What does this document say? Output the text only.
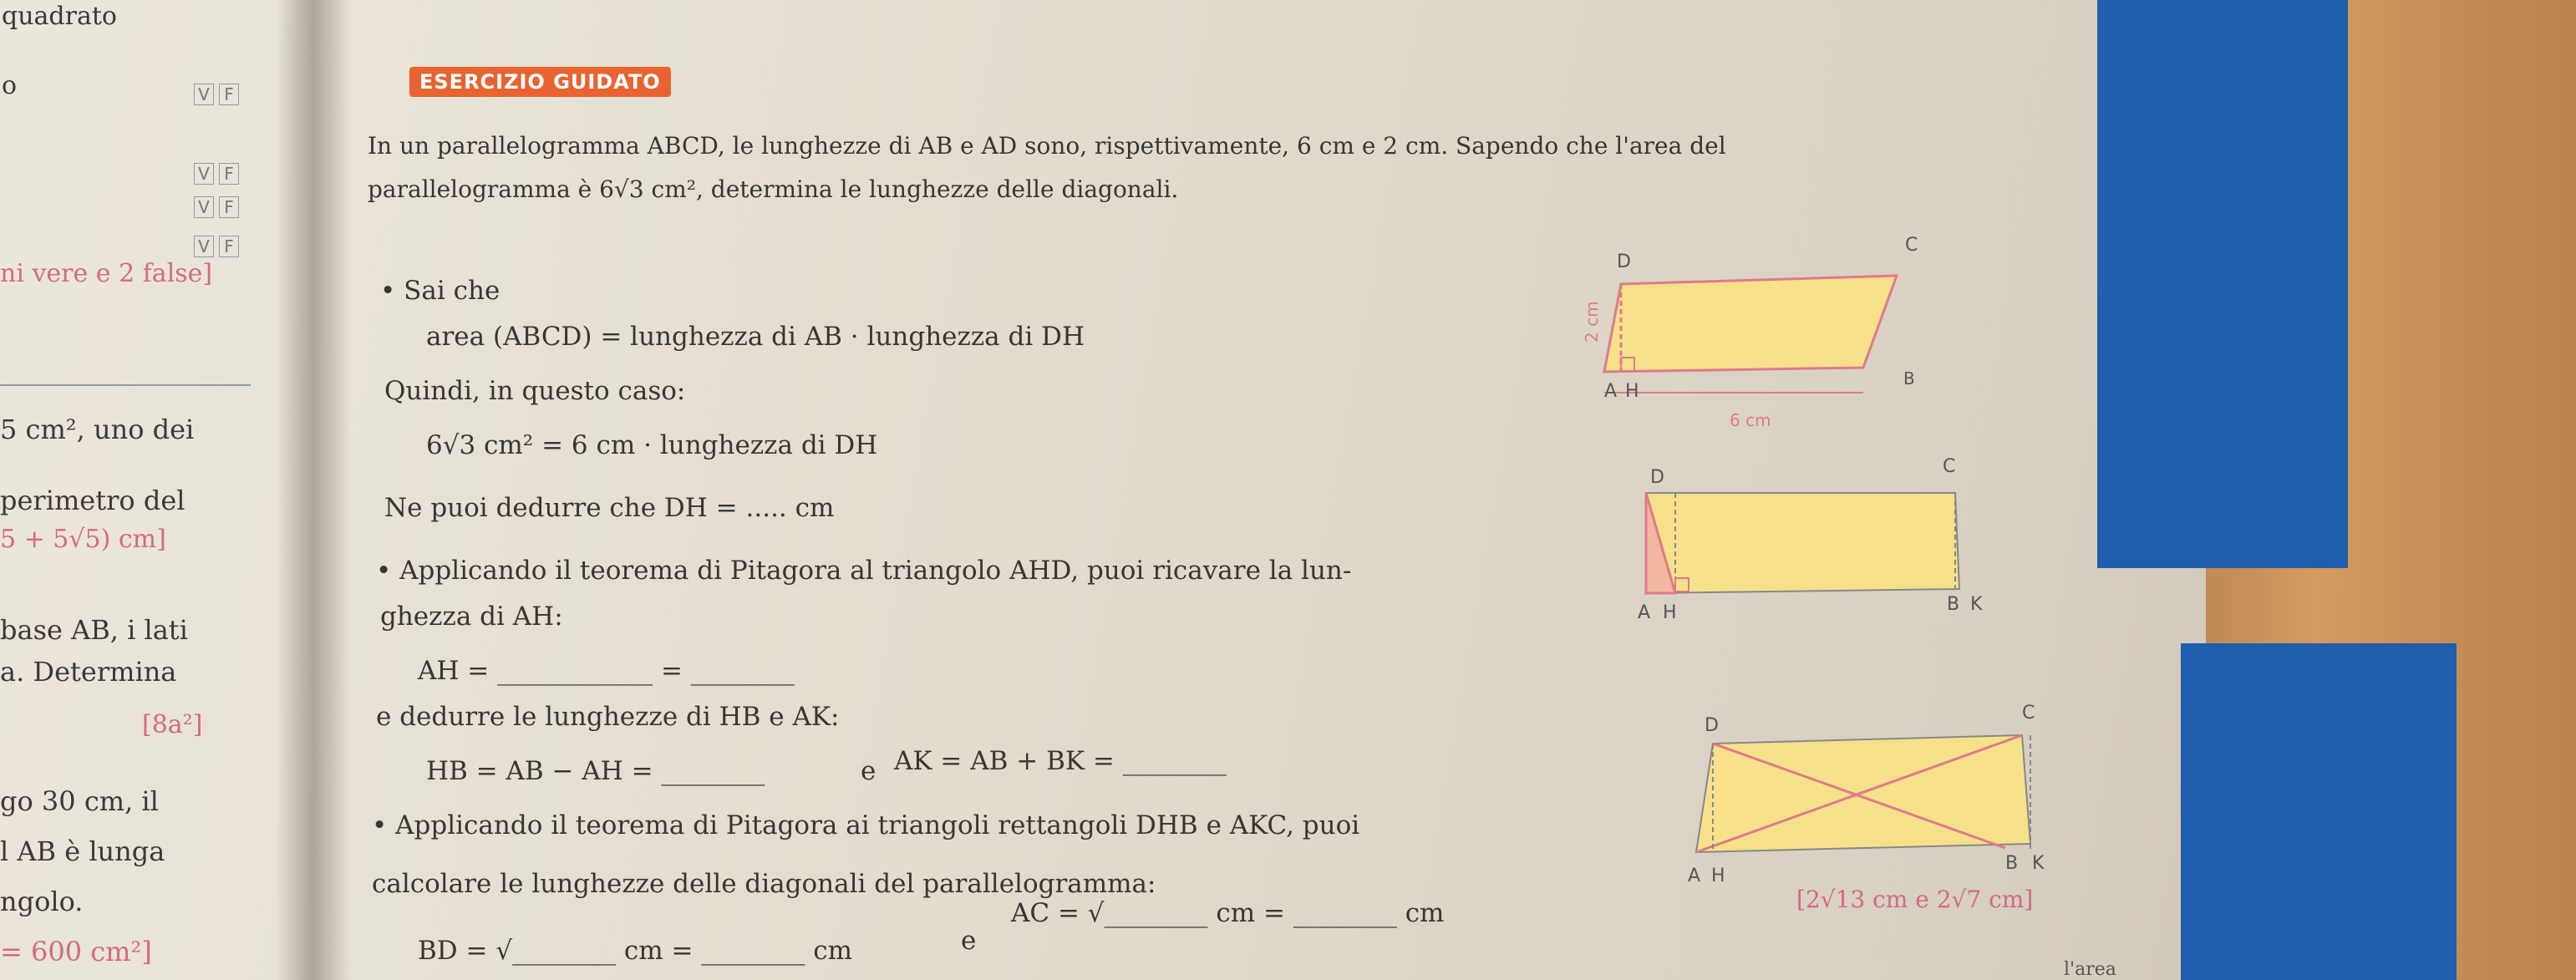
quadrato
o
ni vere e 2 false]
5 cm², uno dei
perimetro del
5 + 5√5) cm]
base AB, i lati
a. Determina
[8a²]
go 30 cm, il
l AB è lunga
ngolo.
= 600 cm²]
V F
V F
V F
V F
ESERCIZIO GUIDATO
In un parallelogramma ABCD, le lunghezze di AB e AD sono, rispettivamente, 6 cm e 2 cm. Sapendo che l'area del
parallelogramma è 6√3 cm², determina le lunghezze delle diagonali.
• Sai che
area (ABCD) = lunghezza di AB · lunghezza di DH
Quindi, in questo caso:
6√3 cm² = 6 cm · lunghezza di DH
Ne puoi dedurre che DH = ..... cm
• Applicando il teorema di Pitagora al triangolo AHD, puoi ricavare la lun-
ghezza di AH:
AH = ____________ = ________
e dedurre le lunghezze di HB e AK:
HB = AB − AH = ________	e AK = AB + BK = ________
• Applicando il teorema di Pitagora ai triangoli rettangoli DHB e AKC, puoi
calcolare le lunghezze delle diagonali del parallelogramma:
BD = √________ cm = ________ cm	e
AC = √________ cm = ________ cm	[2√13 cm e 2√7 cm]
l'area
D
C
A H
B
2 cm
6 cm
D
C
A H	B K
D
C
A H
B K
